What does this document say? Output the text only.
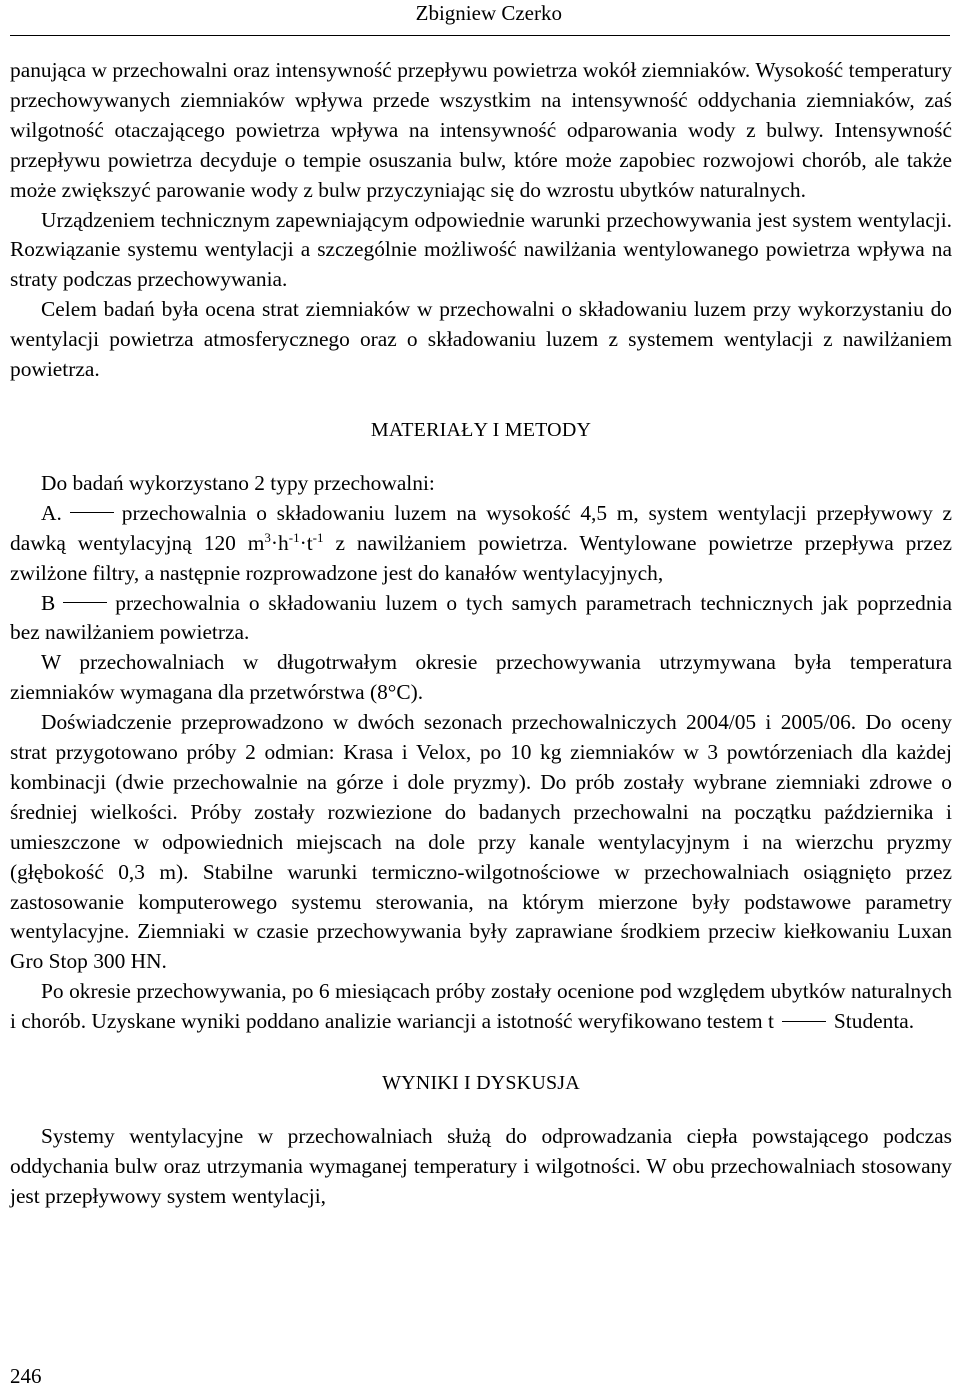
Zbigniew Czerko

panująca w przechowalni oraz intensywność przepływu powietrza wokół ziemniaków. Wysokość temperatury przechowywanych ziemniaków wpływa przede wszystkim na intensywność oddychania ziemniaków, zaś wilgotność otaczającego powietrza wpływa na intensywność odparowania wody z bulwy. Intensywność przepływu powietrza decyduje o tempie osuszania bulw, które może zapobiec rozwojowi chorób, ale także może zwiększyć parowanie wody z bulw przyczyniając się do wzrostu ubytków naturalnych.

Urządzeniem technicznym zapewniającym odpowiednie warunki przechowywania jest system wentylacji. Rozwiązanie systemu wentylacji a szczególnie możliwość nawilżania wentylowanego powietrza wpływa na straty podczas przechowywania.

Celem badań była ocena strat ziemniaków w przechowalni o składowaniu luzem przy wykorzystaniu do wentylacji powietrza atmosferycznego oraz o składowaniu luzem z systemem wentylacji z nawilżaniem powietrza.

MATERIAŁY I METODY

Do badań wykorzystano 2 typy przechowalni:

A.	przechowalnia o składowaniu luzem na wysokość 4,5 m, system wentylacji przepływowy z dawką wentylacyjną 120 $m^3\cdot h^{-1}\cdot t^{-1}$ z nawilżaniem powietrza. Wentylowane powietrze przepływa przez zwilżone filtry, a następnie rozprowadzone jest do kanałów wentylacyjnych,

B	przechowalnia o składowaniu luzem o tych samych parametrach technicznych jak poprzednia bez nawilżaniem powietrza.

W przechowalniach w długotrwałym okresie przechowywania utrzymywana była temperatura ziemniaków wymagana dla przetwórstwa (8°C).

Doświadczenie przeprowadzono w dwóch sezonach przechowalniczych 2004/05 i 2005/06. Do oceny strat przygotowano próby 2 odmian: Krasa i Velox, po 10 kg ziemniaków w 3 powtórzeniach dla każdej kombinacji (dwie przechowalnie na górze i dole pryzmy). Do prób zostały wybrane ziemniaki zdrowe o średniej wielkości. Próby zostały rozwiezione do badanych przechowalni na początku października i umieszczone w odpowiednich miejscach na dole przy kanale wentylacyjnym i na wierzchu pryzmy (głębokość 0,3 m). Stabilne warunki termiczno-wilgotnościowe w przechowalniach osiągnięto przez zastosowanie komputerowego systemu sterowania, na którym mierzone były podstawowe parametry wentylacyjne. Ziemniaki w czasie przechowywania były zaprawiane środkiem przeciw kiełkowaniu Luxan Gro Stop 300 HN.

Po okresie przechowywania, po 6 miesiącach próby zostały ocenione pod względem ubytków naturalnych i chorób. Uzyskane wyniki poddano analizie wariancji a istotność weryfikowano testem t	Studenta.

WYNIKI I DYSKUSJA

Systemy wentylacyjne w przechowalniach służą do odprowadzania ciepła powstającego podczas oddychania bulw oraz utrzymania wymaganej temperatury i wilgotności. W obu przechowalniach stosowany jest przepływowy system wentylacji,

246
